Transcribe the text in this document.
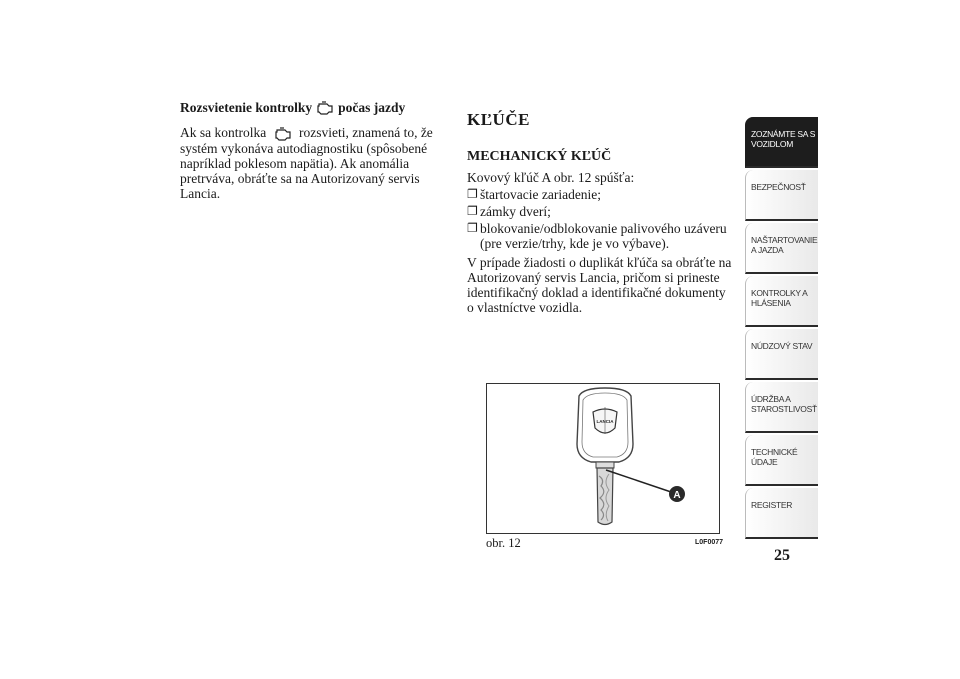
Rozsvietenie kontrolky počas jazdy

Ak sa kontrolka rozsvieti, znamená to, že systém vykonáva autodiagnostiku (spôsobené napríklad poklesom napätia). Ak anomália pretrváva, obráťte sa na Autorizovaný servis Lancia.

KĽÚČE
MECHANICKÝ KĽÚČ

Kovový kľúč A obr. 12 spúšťa:

❐ štartovacie zariadenie;
❐ zámky dverí;
❐ blokovanie/odblokovanie palivového uzáveru (pre verzie/trhy, kde je vo výbave).

V prípade žiadosti o duplikát kľúča sa obráťte na Autorizovaný servis Lancia, pričom si prineste identifikačný doklad a identifikačné dokumenty o vlastníctve vozidla.

LANCIA
A
obr. 12	L0F0077
ZOZNÁMTE SA S VOZIDLOM
BEZPEČNOSŤ
NAŠTARTOVANIE A JAZDA
KONTROLKY A HLÁSENIA
NÚDZOVÝ STAV
ÚDRŽBA A STAROSTLIVOSŤ
TECHNICKÉ ÚDAJE
REGISTER
25
